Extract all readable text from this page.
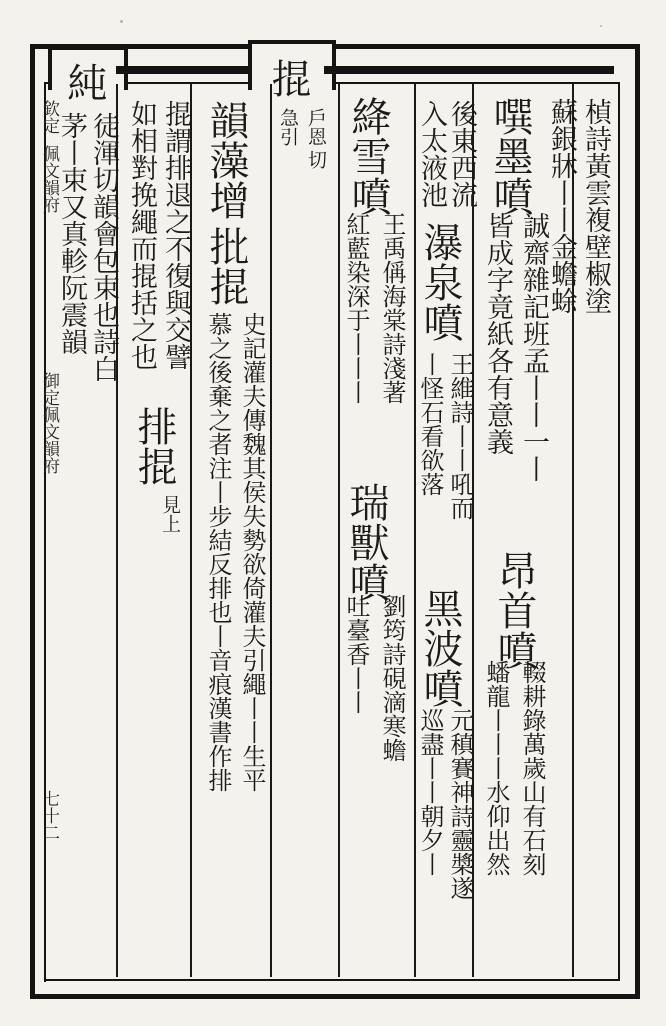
欽定
佩文韻府
御定佩文韻府
七十二
純	掍
戶恩
切
急引	楨詩黃雲複壁椒塗
蘇銀牀丨丨金蟾蜍
噀墨噴
誠齋雜記班孟丨丨一丨
昂首噴
輟耕錄萬歲山有石刻
皆成字竟紙各有意義
蟠龍丨丨丨水仰出然
後東西流
瀑泉噴
王維詩丨丨吼而
黑波噴
元稹賽神詩靈槳遂
入太液池
丨怪石看欲落
巡盡丨丨朝夕丨
絳雪噴
王禹偁海棠詩淺著
瑞獸噴
劉筠詩硯滴寒蟾
紅藍染深于丨丨丨
吐臺香丨丨
韻藻增
批掍
史記灌夫傳魏其侯失勢欲倚灌夫引繩丨丨生平
慕之後棄之者注丨步結反排也丨音痕漢書作排
掍謂排退之不復與交譬
排掍
見上
如相對挽繩而掍括之也
徒渾切韻會包束也詩白
茅丨束又真軫阮震韻
